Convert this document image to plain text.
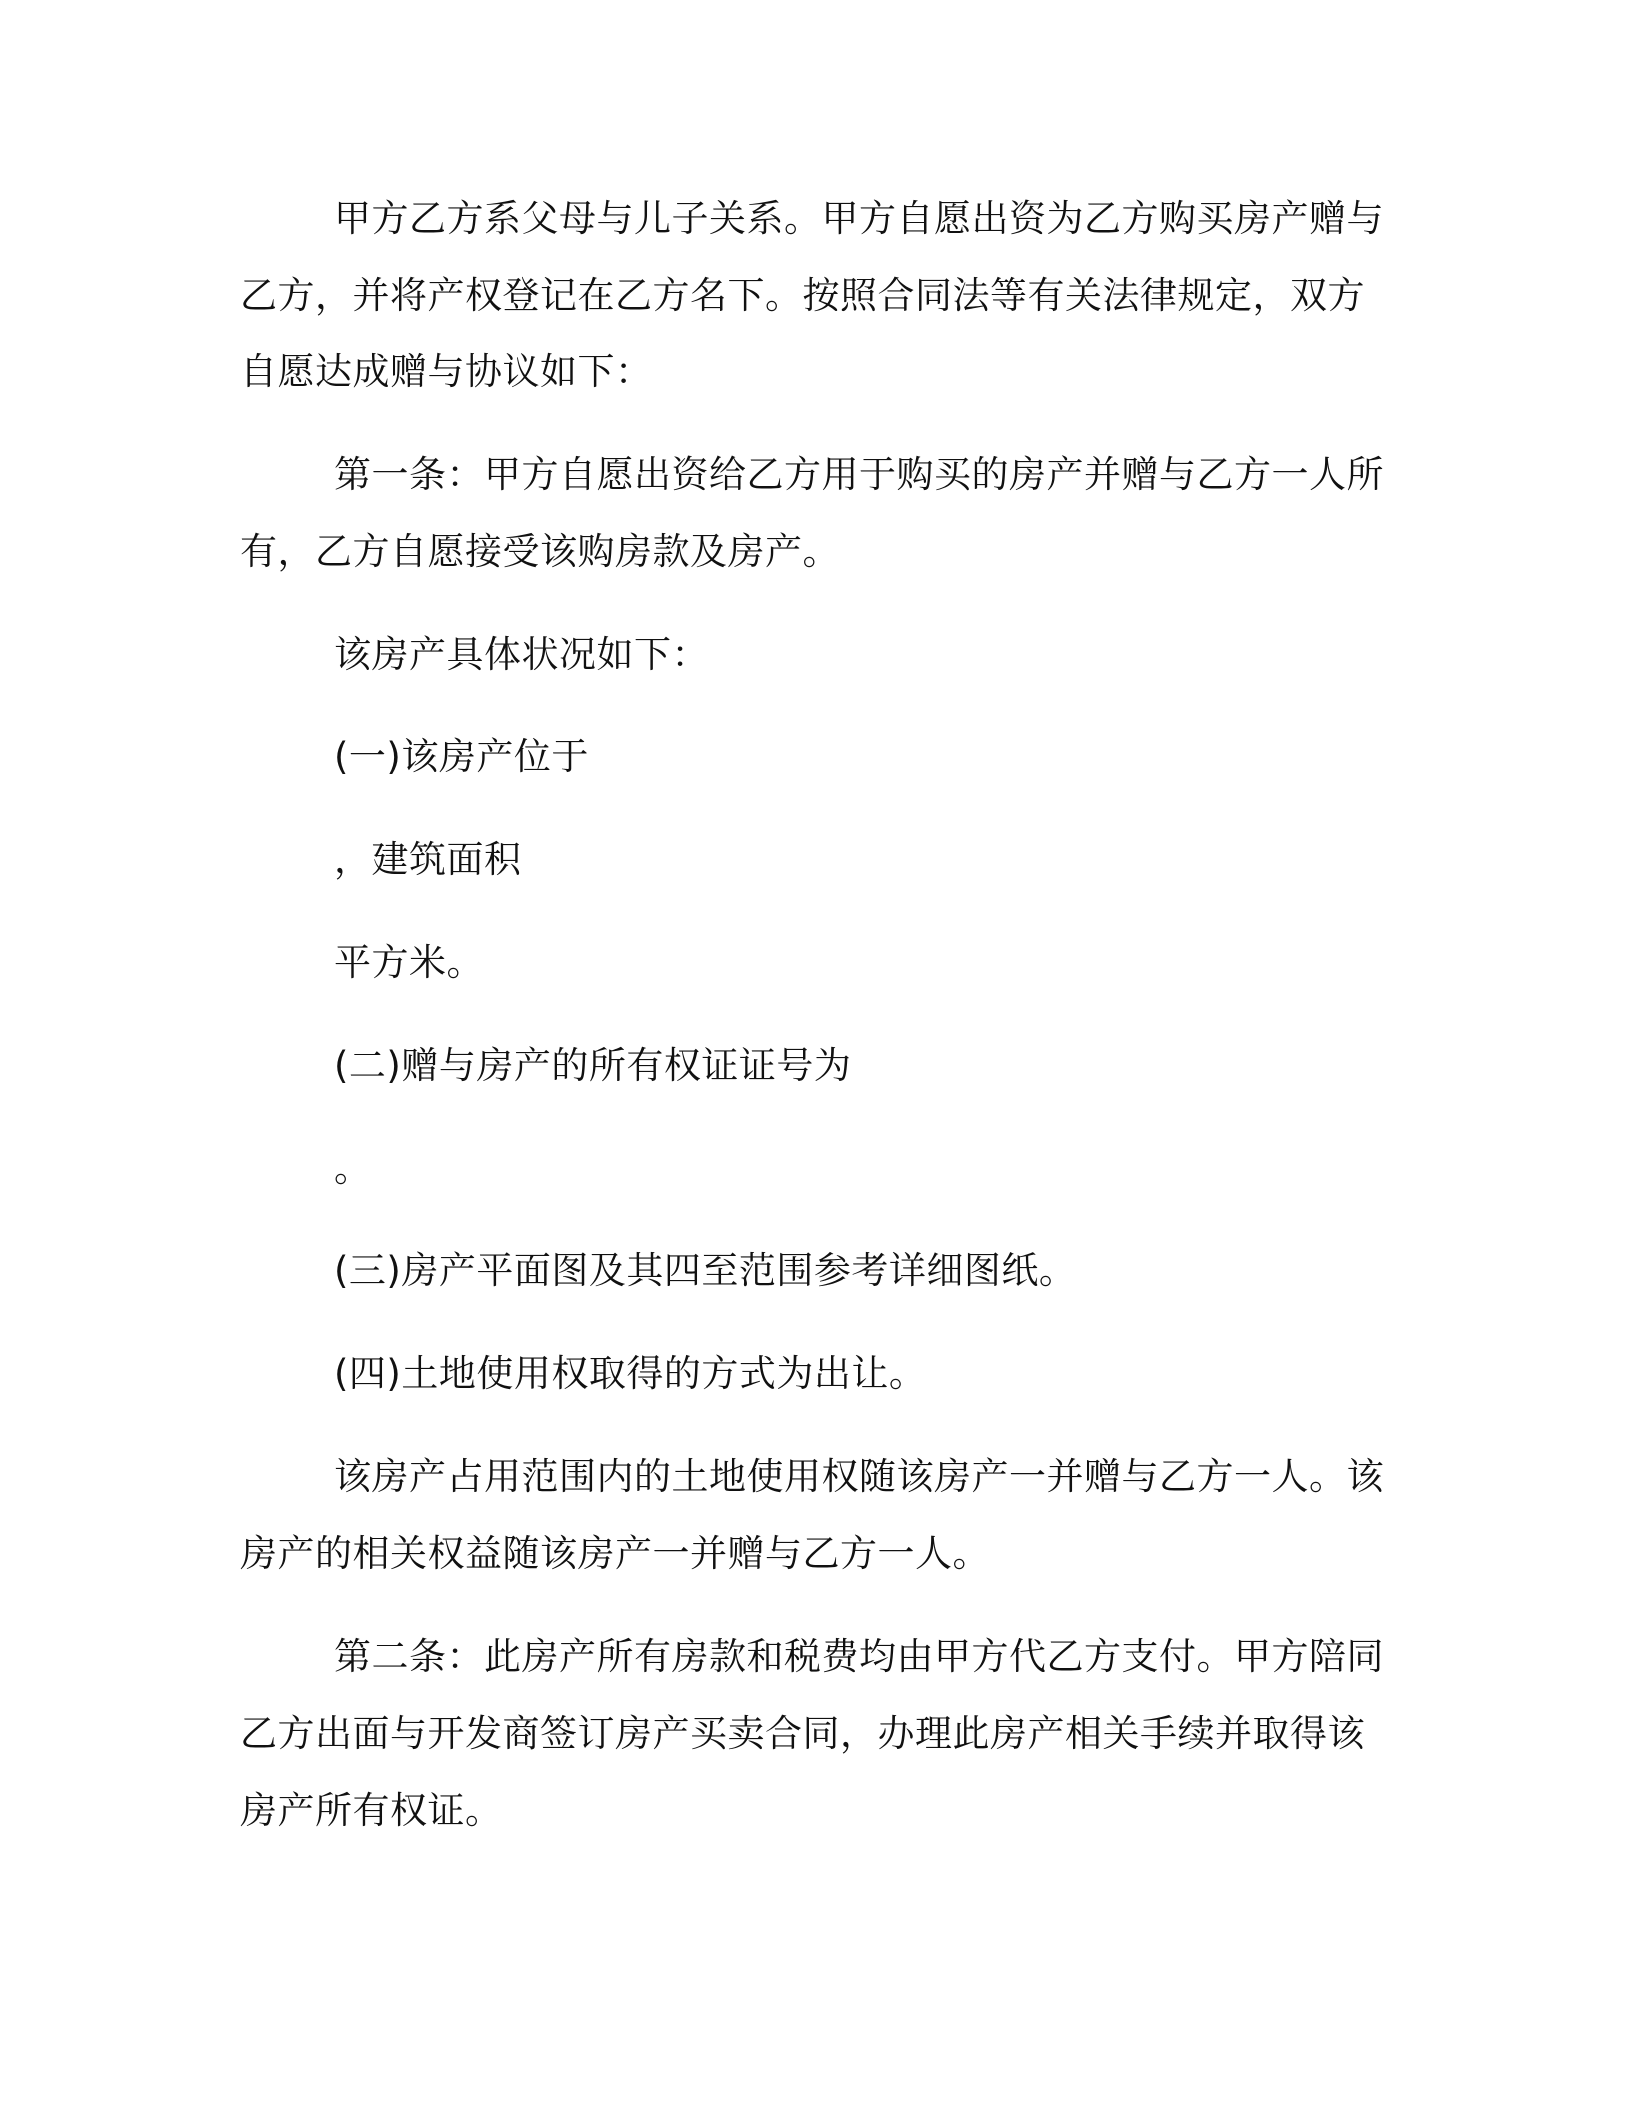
甲方乙方系父母与儿子关系。甲方自愿出资为乙方购买房产赠与
乙方，并将产权登记在乙方名下。按照合同法等有关法律规定，双方
自愿达成赠与协议如下：
第一条：甲方自愿出资给乙方用于购买的房产并赠与乙方一人所
有，乙方自愿接受该购房款及房产。
该房产具体状况如下：
(一)该房产位于
，建筑面积
平方米。
(二)赠与房产的所有权证证号为
。
(三)房产平面图及其四至范围参考详细图纸。
(四)土地使用权取得的方式为出让。
该房产占用范围内的土地使用权随该房产一并赠与乙方一人。该
房产的相关权益随该房产一并赠与乙方一人。
第二条：此房产所有房款和税费均由甲方代乙方支付。甲方陪同
乙方出面与开发商签订房产买卖合同，办理此房产相关手续并取得该
房产所有权证。
